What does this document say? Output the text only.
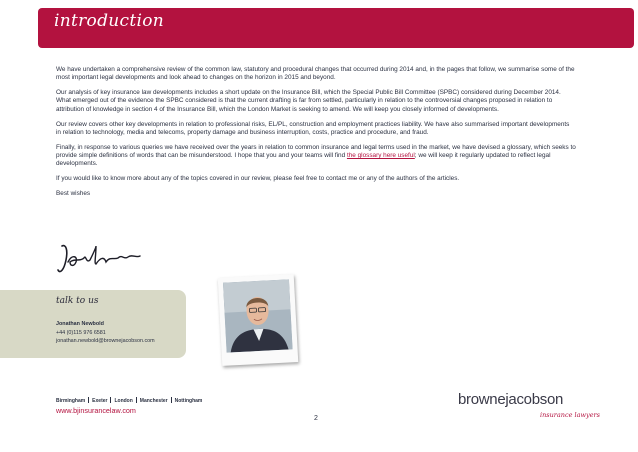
introduction

We have undertaken a comprehensive review of the common law, statutory and procedural changes that occurred during 2014 and, in the pages that follow, we summarise some of the most important legal developments and look ahead to changes on the horizon in 2015 and beyond.

Our analysis of key insurance law developments includes a short update on the Insurance Bill, which the Special Public Bill Committee (SPBC) considered during December 2014. What emerged out of the evidence the SPBC considered is that the current drafting is far from settled, particularly in relation to the controversial changes proposed in relation to attribution of knowledge in section 4 of the Insurance Bill, which the London Market is seeking to amend. We will keep you closely informed of developments.

Our review covers other key developments in relation to professional risks, EL/PL, construction and employment practices liability. We have also summarised important developments in relation to technology, media and telecoms, property damage and business interruption, costs, practice and procedure, and fraud.

Finally, in response to various queries we have received over the years in relation to common insurance and legal terms used in the market, we have devised a glossary, which seeks to provide simple definitions of words that can be misunderstood. I hope that you and your teams will find the glossary here useful; we will keep it regularly updated to reflect legal developments.

If you would like to know more about any of the topics covered in our review, please feel free to contact me or any of the authors of the articles.

Best wishes

talk to us
Jonathan Newbold
+44 (0)115 976 6581
jonathan.newbold@brownejacobson.com
Birmingham Exeter London Manchester Nottingham
www.bjinsurancelaw.com
2
brownejacobson
insurance lawyers
